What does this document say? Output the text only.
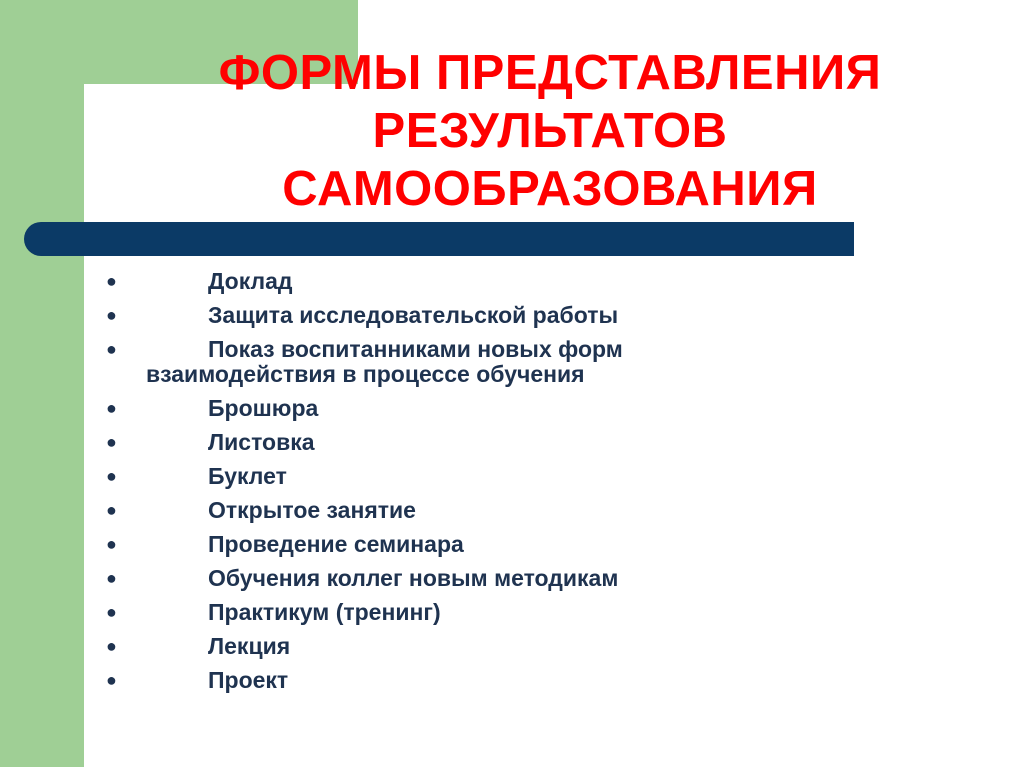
ФОРМЫ ПРЕДСТАВЛЕНИЯ
РЕЗУЛЬТАТОВ
САМООБРАЗОВАНИЯ
●	Доклад
●	Защита исследовательской работы
●	Показ воспитанниками новых форм
взаимодействия в процессе обучения
●	Брошюра
●	Листовка
●	Буклет
●	Открытое занятие
●	Проведение семинара
●	Обучения коллег новым методикам
●	Практикум (тренинг)
●	Лекция
●	Проект
